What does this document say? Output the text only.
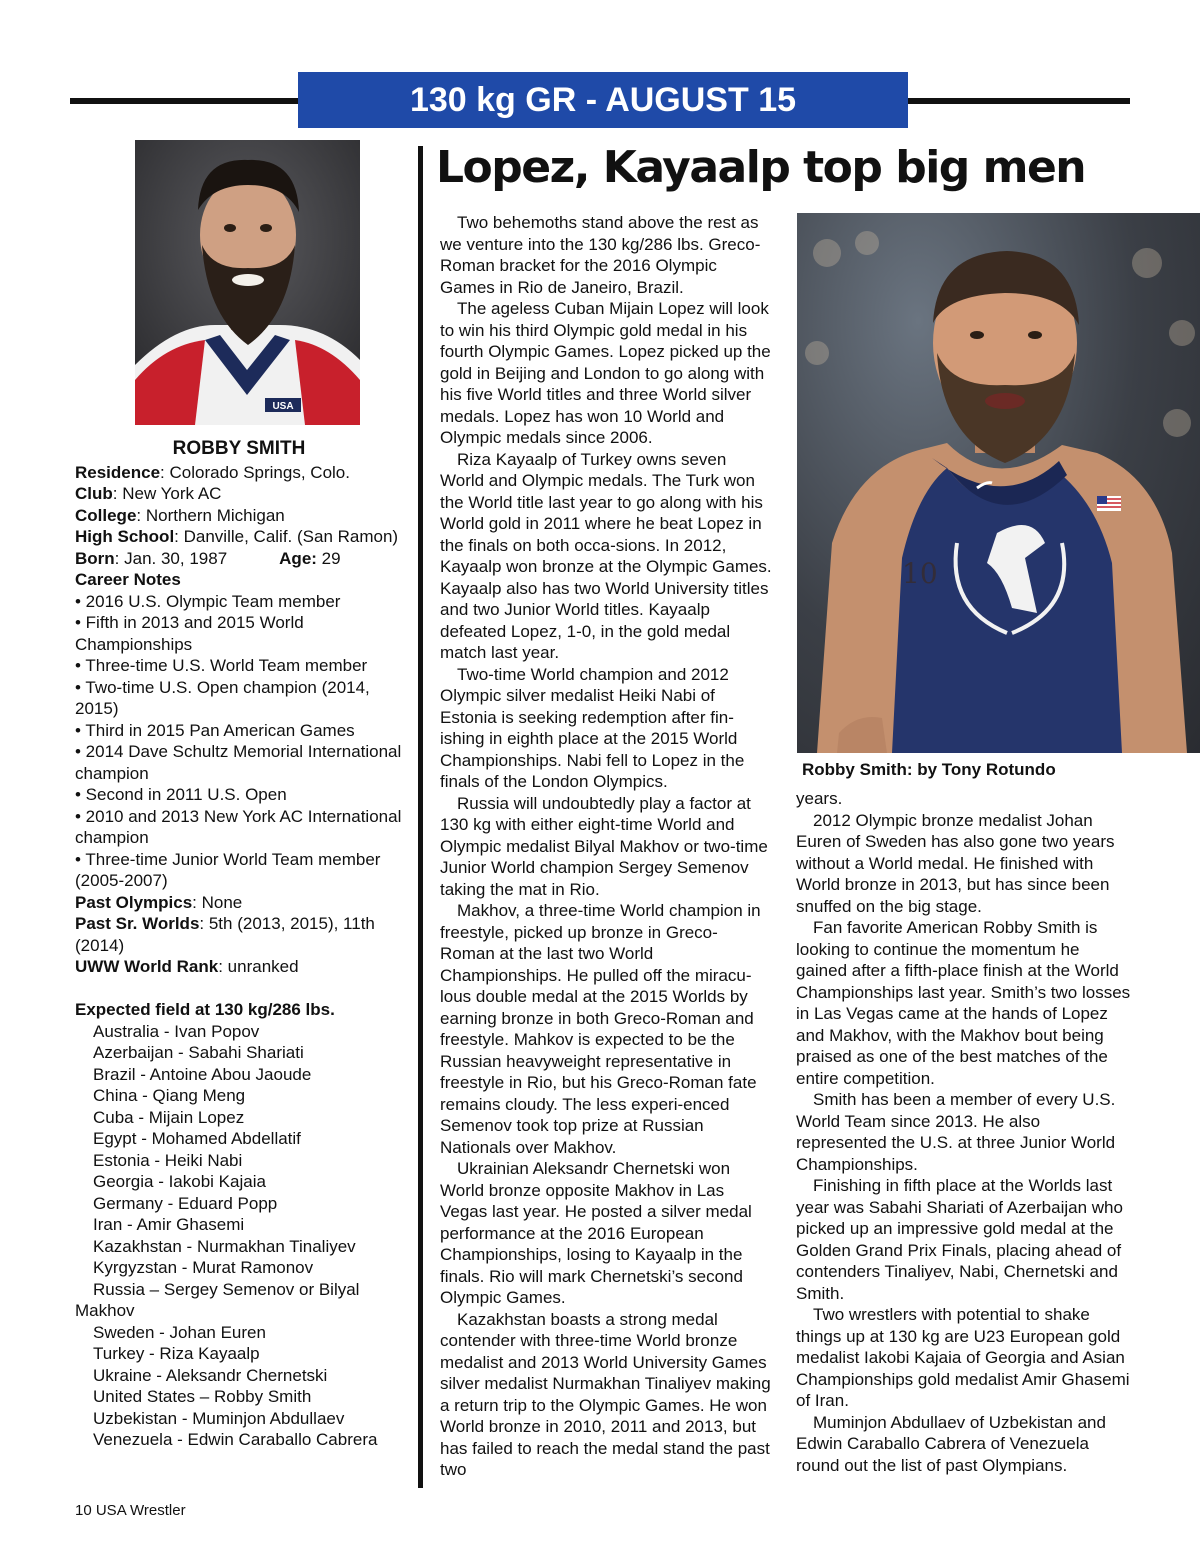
130 kg GR - AUGUST 15
USA
ROBBY SMITH

Residence: Colorado Springs, Colo.

Club: New York AC

College: Northern Michigan

High School: Danville, Calif. (San Ramon)

Born: Jan. 30, 1987	Age: 29

Career Notes

• 2016 U.S. Olympic Team member

• Fifth in 2013 and 2015 World Championships

• Three-time U.S. World Team member

• Two-time U.S. Open champion (2014, 2015)

• Third in 2015 Pan American Games

• 2014 Dave Schultz Memorial International champion

• Second in 2011 U.S. Open

• 2010 and 2013 New York AC International champion

• Three-time Junior World Team member (2005-2007)

Past Olympics: None

Past Sr. Worlds: 5th (2013, 2015), 11th (2014)

UWW World Rank: unranked

Expected field at 130 kg/286 lbs.

Australia - Ivan Popov

Azerbaijan - Sabahi Shariati

Brazil - Antoine Abou Jaoude

China - Qiang Meng

Cuba - Mijain Lopez

Egypt - Mohamed Abdellatif

Estonia - Heiki Nabi

Georgia - Iakobi Kajaia

Germany - Eduard Popp

Iran - Amir Ghasemi

Kazakhstan - Nurmakhan Tinaliyev

Kyrgyzstan - Murat Ramonov

Russia – Sergey Semenov or Bilyal Makhov

Sweden - Johan Euren

Turkey - Riza Kayaalp

Ukraine - Aleksandr Chernetski

United States – Robby Smith

Uzbekistan - Muminjon Abdullaev

Venezuela - Edwin Caraballo Cabrera

Lopez, Kayaalp top big men

Two behemoths stand above the rest as we venture into the 130 kg/286 lbs. Greco-Roman bracket for the 2016 Olympic Games in Rio de Janeiro, Brazil.

The ageless Cuban Mijain Lopez will look to win his third Olympic gold medal in his fourth Olympic Games. Lopez picked up the gold in Beijing and London to go along with his five World titles and three World silver medals. Lopez has won 10 World and Olympic medals since 2006.

Riza Kayaalp of Turkey owns seven World and Olympic medals. The Turk won the World title last year to go along with his World gold in 2011 where he beat Lopez in the finals on both occa-sions. In 2012, Kayaalp won bronze at the Olympic Games. Kayaalp also has two World University titles and two Junior World titles. Kayaalp defeated Lopez, 1-0, in the gold medal match last year.

Two-time World champion and 2012 Olympic silver medalist Heiki Nabi of Estonia is seeking redemption after fin-ishing in eighth place at the 2015 World Championships. Nabi fell to Lopez in the finals of the London Olympics.

Russia will undoubtedly play a factor at 130 kg with either eight-time World and Olympic medalist Bilyal Makhov or two-time Junior World champion Sergey Semenov taking the mat in Rio.

Makhov, a three-time World champion in freestyle, picked up bronze in Greco-Roman at the last two World Championships. He pulled off the miracu-lous double medal at the 2015 Worlds by earning bronze in both Greco-Roman and freestyle. Mahkov is expected to be the Russian heavyweight representative in freestyle in Rio, but his Greco-Roman fate remains cloudy. The less experi-enced Semenov took top prize at Russian Nationals over Makhov.

Ukrainian Aleksandr Chernetski won World bronze opposite Makhov in Las Vegas last year. He posted a silver medal performance at the 2016 European Championships, losing to Kayaalp in the finals. Rio will mark Chernetski’s second Olympic Games.

Kazakhstan boasts a strong medal contender with three-time World bronze medalist and 2013 World University Games silver medalist Nurmakhan Tinaliyev making a return trip to the Olympic Games. He won World bronze in 2010, 2011 and 2013, but has failed to reach the medal stand the past two

10
Robby Smith: by Tony Rotundo

years.

2012 Olympic bronze medalist Johan Euren of Sweden has also gone two years without a World medal. He finished with World bronze in 2013, but has since been snuffed on the big stage.

Fan favorite American Robby Smith is looking to continue the momentum he gained after a fifth-place finish at the World Championships last year. Smith’s two losses in Las Vegas came at the hands of Lopez and Makhov, with the Makhov bout being praised as one of the best matches of the entire competition.

Smith has been a member of every U.S. World Team since 2013. He also represented the U.S. at three Junior World Championships.

Finishing in fifth place at the Worlds last year was Sabahi Shariati of Azerbaijan who picked up an impressive gold medal at the Golden Grand Prix Finals, placing ahead of contenders Tinaliyev, Nabi, Chernetski and Smith.

Two wrestlers with potential to shake things up at 130 kg are U23 European gold medalist Iakobi Kajaia of Georgia and Asian Championships gold medalist Amir Ghasemi of Iran.

Muminjon Abdullaev of Uzbekistan and Edwin Caraballo Cabrera of Venezuela round out the list of past Olympians.

10 USA Wrestler
